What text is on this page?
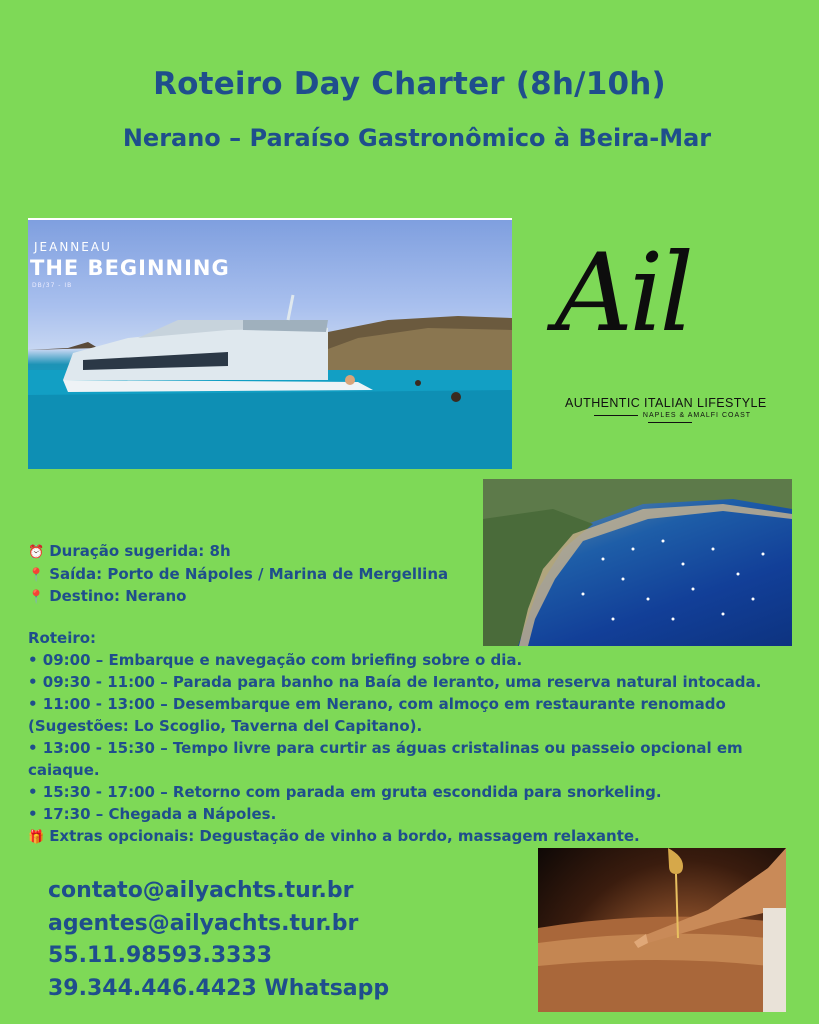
Roteiro Day Charter (8h/10h)
Nerano – Paraíso Gastronômico à Beira-Mar
JEANNEAU
THE BEGINNING
DB/37 - IB	Ail
AUTHENTIC ITALIAN LIFESTYLE
NAPLES & AMALFI COAST
⏰ Duração sugerida: 8h
📍 Saída: Porto de Nápoles / Marina de Mergellina
📍 Destino: Nerano
Roteiro:
• 09:00 – Embarque e navegação com briefing sobre o dia.
• 09:30 - 11:00 – Parada para banho na Baía de Ieranto, uma reserva natural intocada.
• 11:00 - 13:00 – Desembarque em Nerano, com almoço em restaurante renomado (Sugestões: Lo Scoglio, Taverna del Capitano).
• 13:00 - 15:30 – Tempo livre para curtir as águas cristalinas ou passeio opcional em caiaque.
• 15:30 - 17:00 – Retorno com parada em gruta escondida para snorkeling.
• 17:30 – Chegada a Nápoles.
🎁 Extras opcionais: Degustação de vinho a bordo, massagem relaxante.
contato@ailyachts.tur.br
agentes@ailyachts.tur.br
55.11.98593.3333
39.344.446.4423 Whatsapp
